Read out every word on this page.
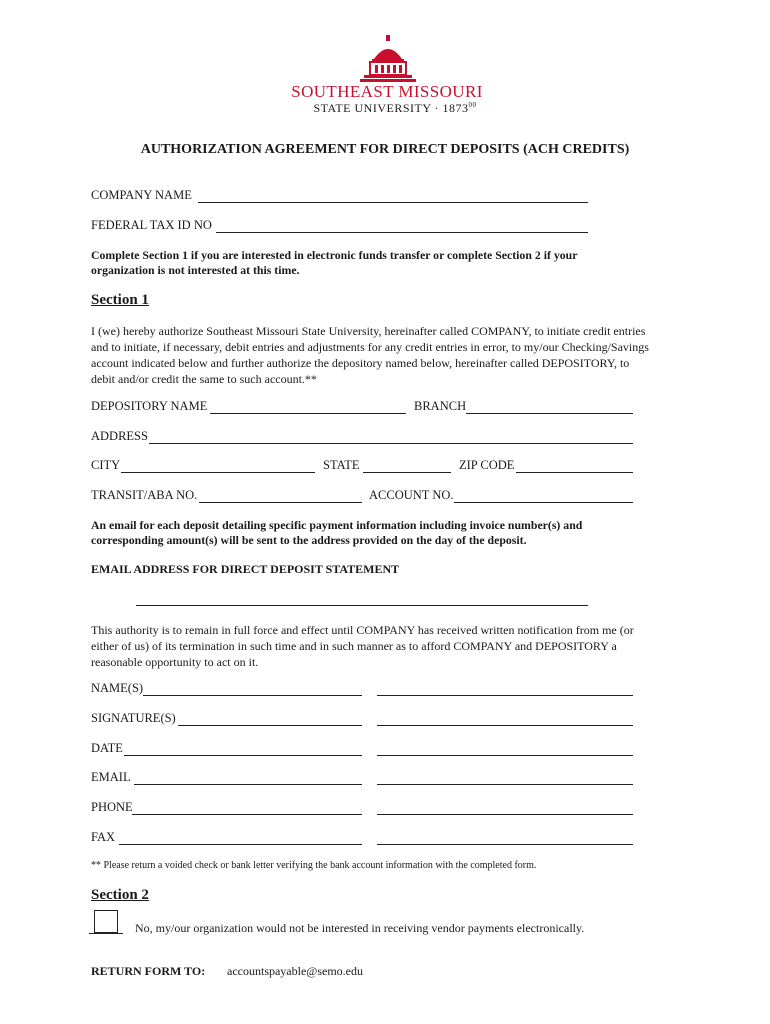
SOUTHEAST MISSOURI
STATE UNIVERSITY · $1873^{00}$
AUTHORIZATION AGREEMENT FOR DIRECT DEPOSITS (ACH CREDITS)
COMPANY NAME
FEDERAL TAX ID NO
Complete Section 1 if you are interested in electronic funds transfer or complete Section 2 if your
organization is not interested at this time.
Section 1
I (we) hereby authorize Southeast Missouri State University, hereinafter called COMPANY, to initiate credit entries
and to initiate, if necessary, debit entries and adjustments for any credit entries in error, to my/our Checking/Savings
account indicated below and further authorize the depository named below, hereinafter called DEPOSITORY, to
debit and/or credit the same to such account.**
DEPOSITORY NAME	BRANCH
ADDRESS
CITY	STATE	ZIP CODE
TRANSIT/ABA NO.	ACCOUNT NO.
An email for each deposit detailing specific payment information including invoice number(s) and
corresponding amount(s) will be sent to the address provided on the day of the deposit.
EMAIL ADDRESS FOR DIRECT DEPOSIT STATEMENT
This authority is to remain in full force and effect until COMPANY has received written notification from me (or
either of us) of its termination in such time and in such manner as to afford COMPANY and DEPOSITORY a
reasonable opportunity to act on it.
NAME(S)
SIGNATURE(S)
DATE
EMAIL
PHONE
FAX
** Please return a voided check or bank letter verifying the bank account information with the completed form.
Section 2
No, my/our organization would not be interested in receiving vendor payments electronically.
RETURN FORM TO: accountspayable@semo.edu
